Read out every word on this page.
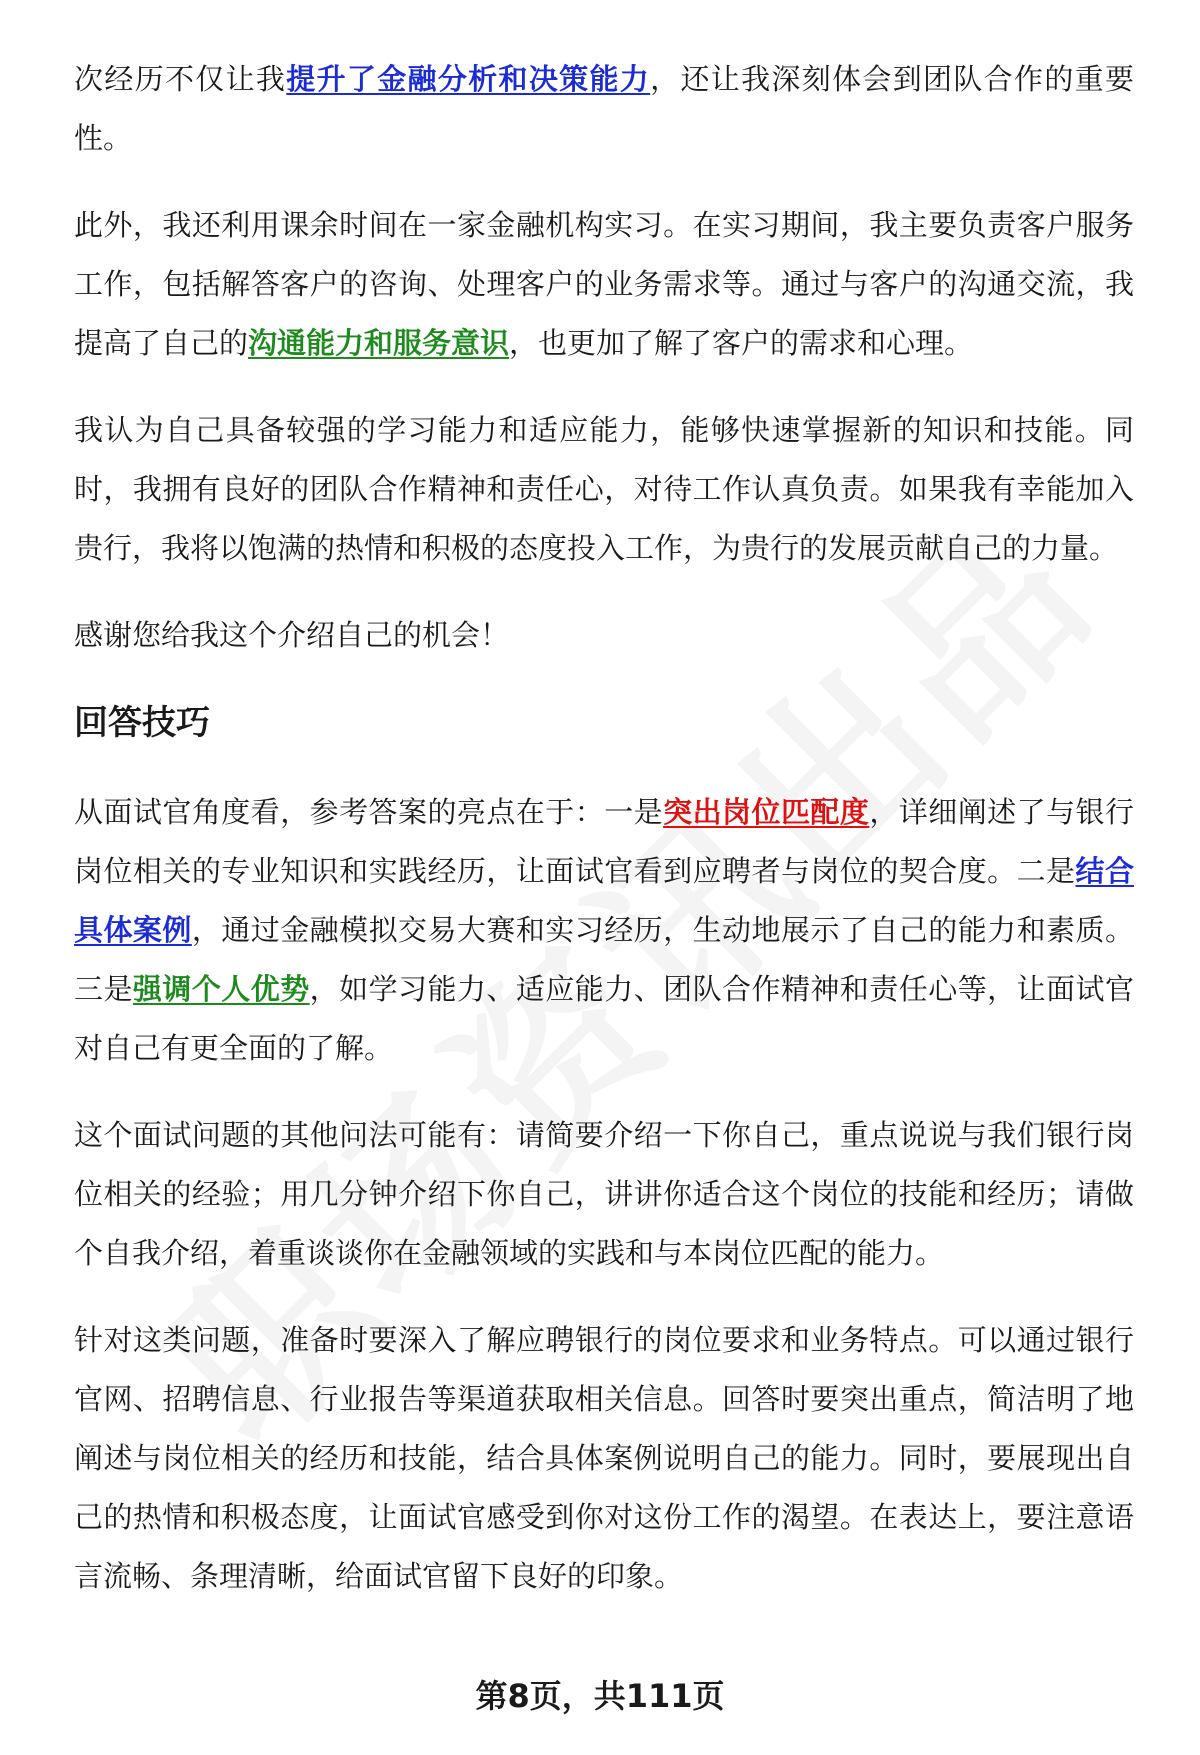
次经历不仅让我提升了金融分析和决策能力，还让我深刻体会到团队合作的重要性。

此外，我还利用课余时间在一家金融机构实习。在实习期间，我主要负责客户服务工作，包括解答客户的咨询、处理客户的业务需求等。通过与客户的沟通交流，我提高了自己的沟通能力和服务意识，也更加了解了客户的需求和心理。

我认为自己具备较强的学习能力和适应能力，能够快速掌握新的知识和技能。同时，我拥有良好的团队合作精神和责任心，对待工作认真负责。如果我有幸能加入贵行，我将以饱满的热情和积极的态度投入工作，为贵行的发展贡献自己的力量。

感谢您给我这个介绍自己的机会！

回答技巧

从面试官角度看，参考答案的亮点在于：一是突出岗位匹配度，详细阐述了与银行岗位相关的专业知识和实践经历，让面试官看到应聘者与岗位的契合度。二是结合具体案例，通过金融模拟交易大赛和实习经历，生动地展示了自己的能力和素质。三是强调个人优势，如学习能力、适应能力、团队合作精神和责任心等，让面试官对自己有更全面的了解。

这个面试问题的其他问法可能有：请简要介绍一下你自己，重点说说与我们银行岗位相关的经验；用几分钟介绍下你自己，讲讲你适合这个岗位的技能和经历；请做个自我介绍，着重谈谈你在金融领域的实践和与本岗位匹配的能力。

针对这类问题，准备时要深入了解应聘银行的岗位要求和业务特点。可以通过银行官网、招聘信息、行业报告等渠道获取相关信息。回答时要突出重点，简洁明了地阐述与岗位相关的经历和技能，结合具体案例说明自己的能力。同时，要展现出自己的热情和积极态度，让面试官感受到你对这份工作的渴望。在表达上，要注意语言流畅、条理清晰，给面试官留下良好的印象。

第8页，共111页
